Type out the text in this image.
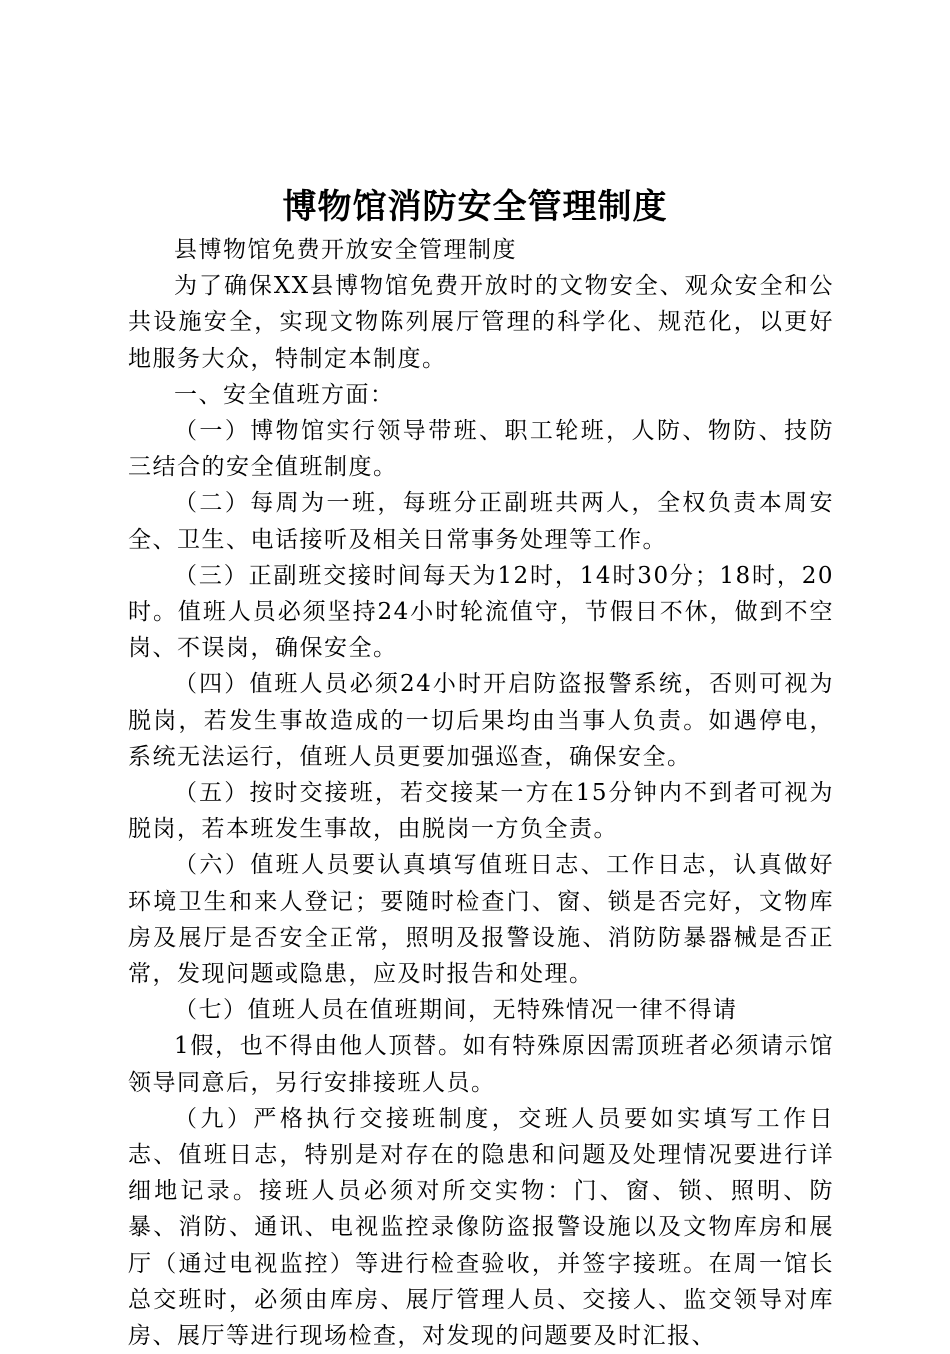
博物馆消防安全管理制度

县博物馆免费开放安全管理制度

为了确保XX县博物馆免费开放时的文物安全、观众安全和公共设施安全，实现文物陈列展厅管理的科学化、规范化，以更好地服务大众，特制定本制度。

一、安全值班方面：

（一）博物馆实行领导带班、职工轮班，人防、物防、技防三结合的安全值班制度。

（二）每周为一班，每班分正副班共两人，全权负责本周安全、卫生、电话接听及相关日常事务处理等工作。

（三）正副班交接时间每天为12时，14时30分；18时，20时。值班人员必须坚持24小时轮流值守，节假日不休，做到不空岗、不误岗，确保安全。

（四）值班人员必须24小时开启防盗报警系统，否则可视为脱岗，若发生事故造成的一切后果均由当事人负责。如遇停电，系统无法运行，值班人员更要加强巡查，确保安全。

（五）按时交接班，若交接某一方在15分钟内不到者可视为脱岗，若本班发生事故，由脱岗一方负全责。

（六）值班人员要认真填写值班日志、工作日志，认真做好环境卫生和来人登记；要随时检查门、窗、锁是否完好，文物库房及展厅是否安全正常，照明及报警设施、消防防暴器械是否正常，发现问题或隐患，应及时报告和处理。

（七）值班人员在值班期间，无特殊情况一律不得请

1假，也不得由他人顶替。如有特殊原因需顶班者必须请示馆领导同意后，另行安排接班人员。

（九）严格执行交接班制度，交班人员要如实填写工作日志、值班日志，特别是对存在的隐患和问题及处理情况要进行详细地记录。接班人员必须对所交实物：门、窗、锁、照明、防暴、消防、通讯、电视监控录像防盗报警设施以及文物库房和展厅（通过电视监控）等进行检查验收，并签字接班。在周一馆长总交班时，必须由库房、展厅管理人员、交接人、监交领导对库房、展厅等进行现场检查，对发现的问题要及时汇报、
